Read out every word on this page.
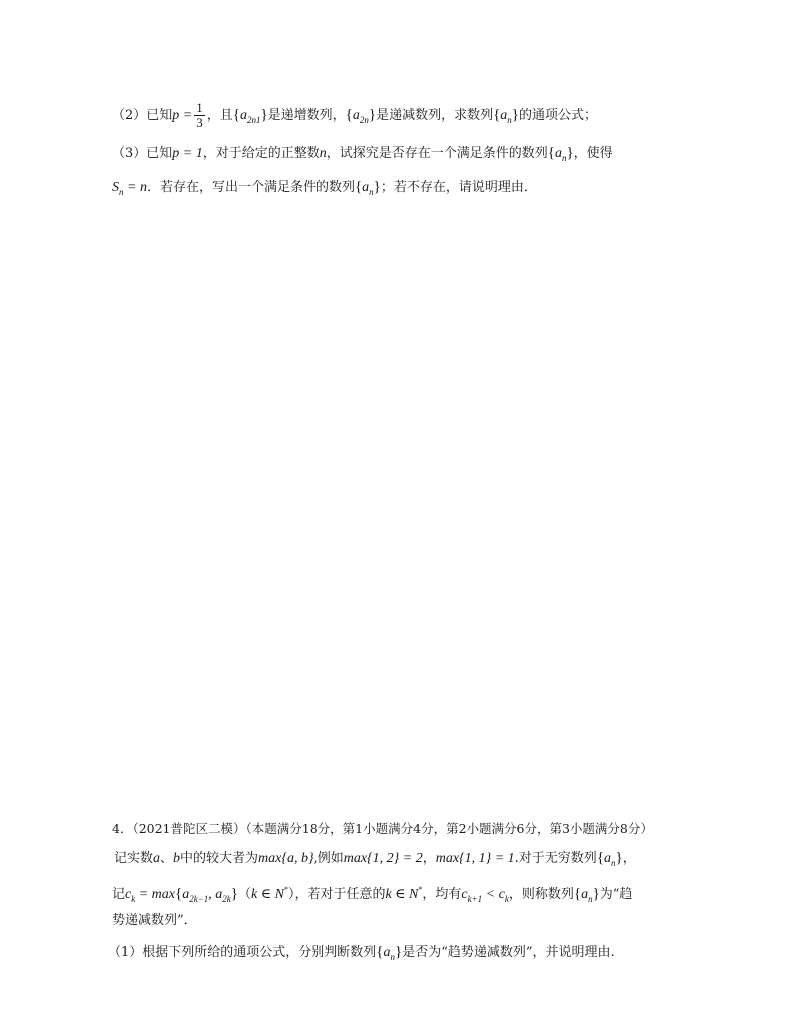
（2）已知$p = \frac{1}{3}$ ，且$\{a_{2n1}\}$是递增数列，$\{a_{2n}\}$是递减数列，求数列$\{a_n\}$的通项公式；
（3）已知p = 1，对于给定的正整数n，试探究是否存在一个满足条件的数列$\{a_n\}$，使得
$S_n = n$．若存在，写出一个满足条件的数列$\{a_n\}$；若不存在，请说明理由．
4．（2021普陀区二模）（本题满分18分，第1小题满分4分，第2小题满分6分，第3小题满分8分）
记实数a、b中的较大者为max{a, b},例如max{1, 2} = 2，max{1, 1} = 1.对于无穷数列$\{a_n\}$，
记$c_k = \max\{a_{2k-1}$, $a_{2k}\}(k$ ∈ N*），若对于任意的k ∈ N*，均有$c_{k+1} < c_k$，则称数列$\{a_n\}$为“趋
势递减数列”．
（1）根据下列所给的通项公式，分别判断数列$\{a_n\}$是否为“趋势递减数列”，并说明理由.
